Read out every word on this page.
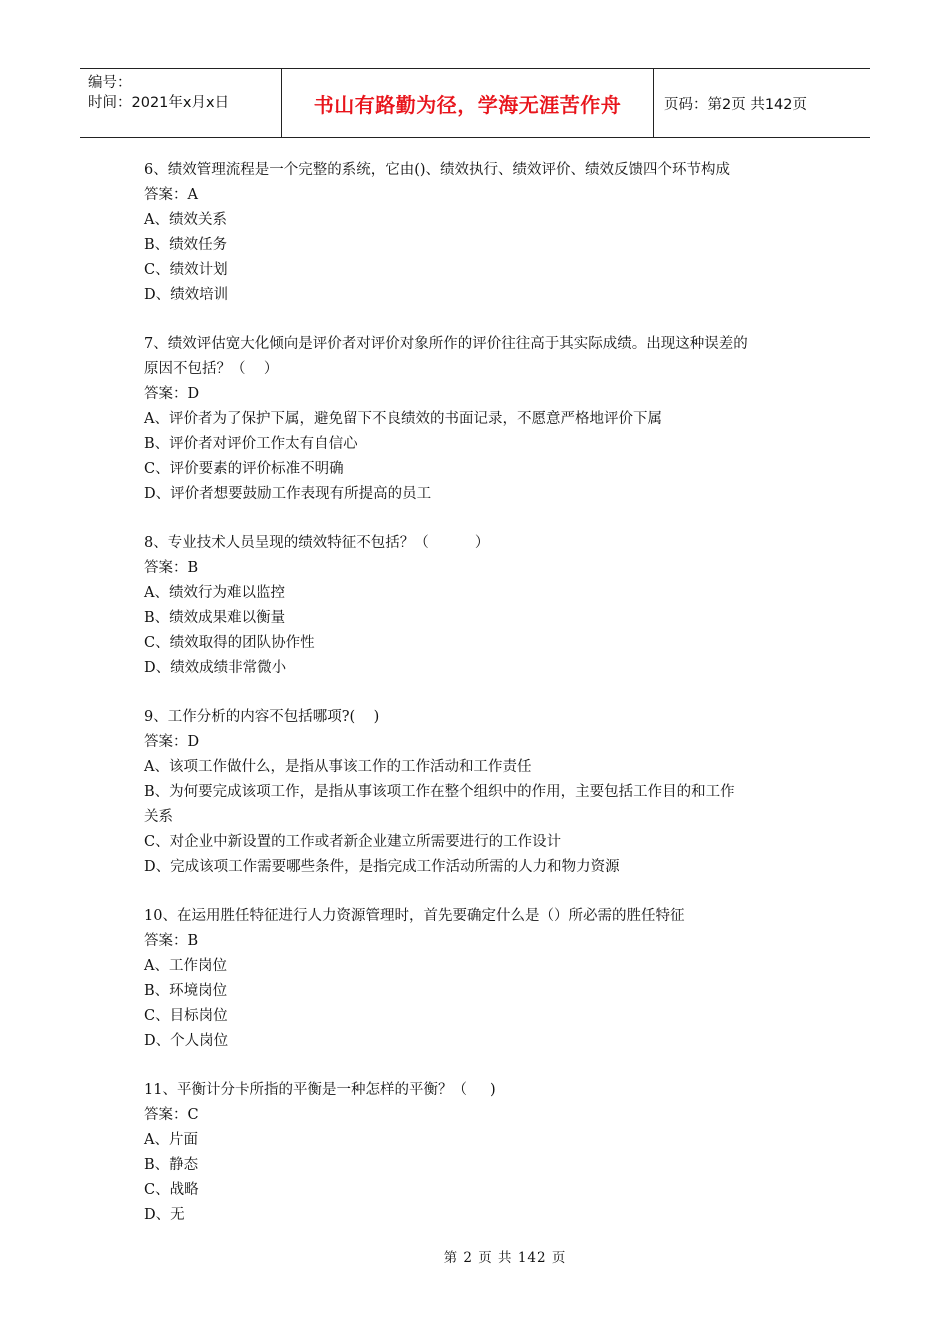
编号：
时间：2021年x月x日	书山有路勤为径，学海无涯苦作舟	页码：第2页 共142页
6、绩效管理流程是一个完整的系统，它由()、绩效执行、绩效评价、绩效反馈四个环节构成
答案：A
A、绩效关系
B、绩效任务
C、绩效计划
D、绩效培训
7、绩效评估宽大化倾向是评价者对评价对象所作的评价往往高于其实际成绩。出现这种误差的
原因不包括？（    ）
答案：D
A、评价者为了保护下属，避免留下不良绩效的书面记录，不愿意严格地评价下属
B、评价者对评价工作太有自信心
C、评价要素的评价标准不明确
D、评价者想要鼓励工作表现有所提高的员工
8、专业技术人员呈现的绩效特征不包括？（          ）
答案：B
A、绩效行为难以监控
B、绩效成果难以衡量
C、绩效取得的团队协作性
D、绩效成绩非常微小
9、工作分析的内容不包括哪项?(    )
答案：D
A、该项工作做什么，是指从事该工作的工作活动和工作责任
B、为何要完成该项工作，是指从事该项工作在整个组织中的作用，主要包括工作目的和工作
关系
C、对企业中新设置的工作或者新企业建立所需要进行的工作设计
D、完成该项工作需要哪些条件，是指完成工作活动所需的人力和物力资源
10、在运用胜任特征进行人力资源管理时，首先要确定什么是（）所必需的胜任特征
答案：B
A、工作岗位
B、环境岗位
C、目标岗位
D、个人岗位
11、平衡计分卡所指的平衡是一种怎样的平衡？（     )
答案：C
A、片面
B、静态
C、战略
D、无
第 2 页 共 142 页
